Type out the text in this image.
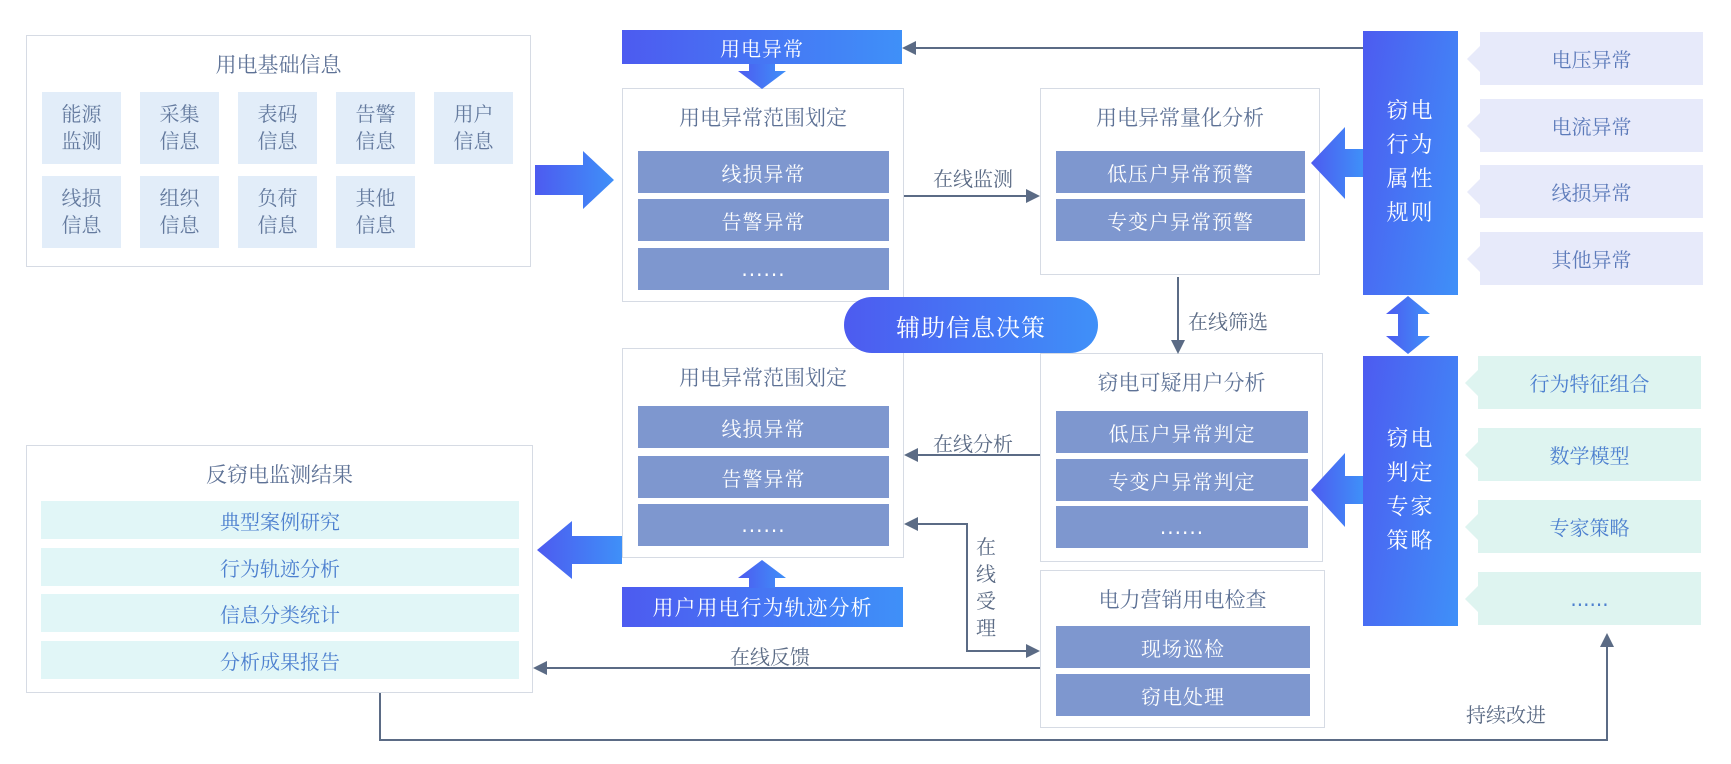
用电基础信息
能源
监测
采集
信息
表码
信息
告警
信息
用户
信息
线损
信息
组织
信息
负荷
信息
其他
信息
用电异常
用户用电行为轨迹分析
辅助信息决策
用电异常范围划定
线损异常
告警异常
......
用电异常量化分析
低压户异常预警
专变户异常预警
用电异常范围划定
线损异常
告警异常
......
窃电可疑用户分析
低压户异常判定
专变户异常判定
......
电力营销用电检查
现场巡检
窃电处理
反窃电监测结果
典型案例研究
行为轨迹分析
信息分类统计
分析成果报告
窃电
行为
属性
规则
窃电
判定
专家
策略
电压异常
电流异常
线损异常
其他异常
行为特征组合
数学模型
专家策略
......
在线监测
在线筛选
在线分析
在线受理
在线反馈
持续改进
